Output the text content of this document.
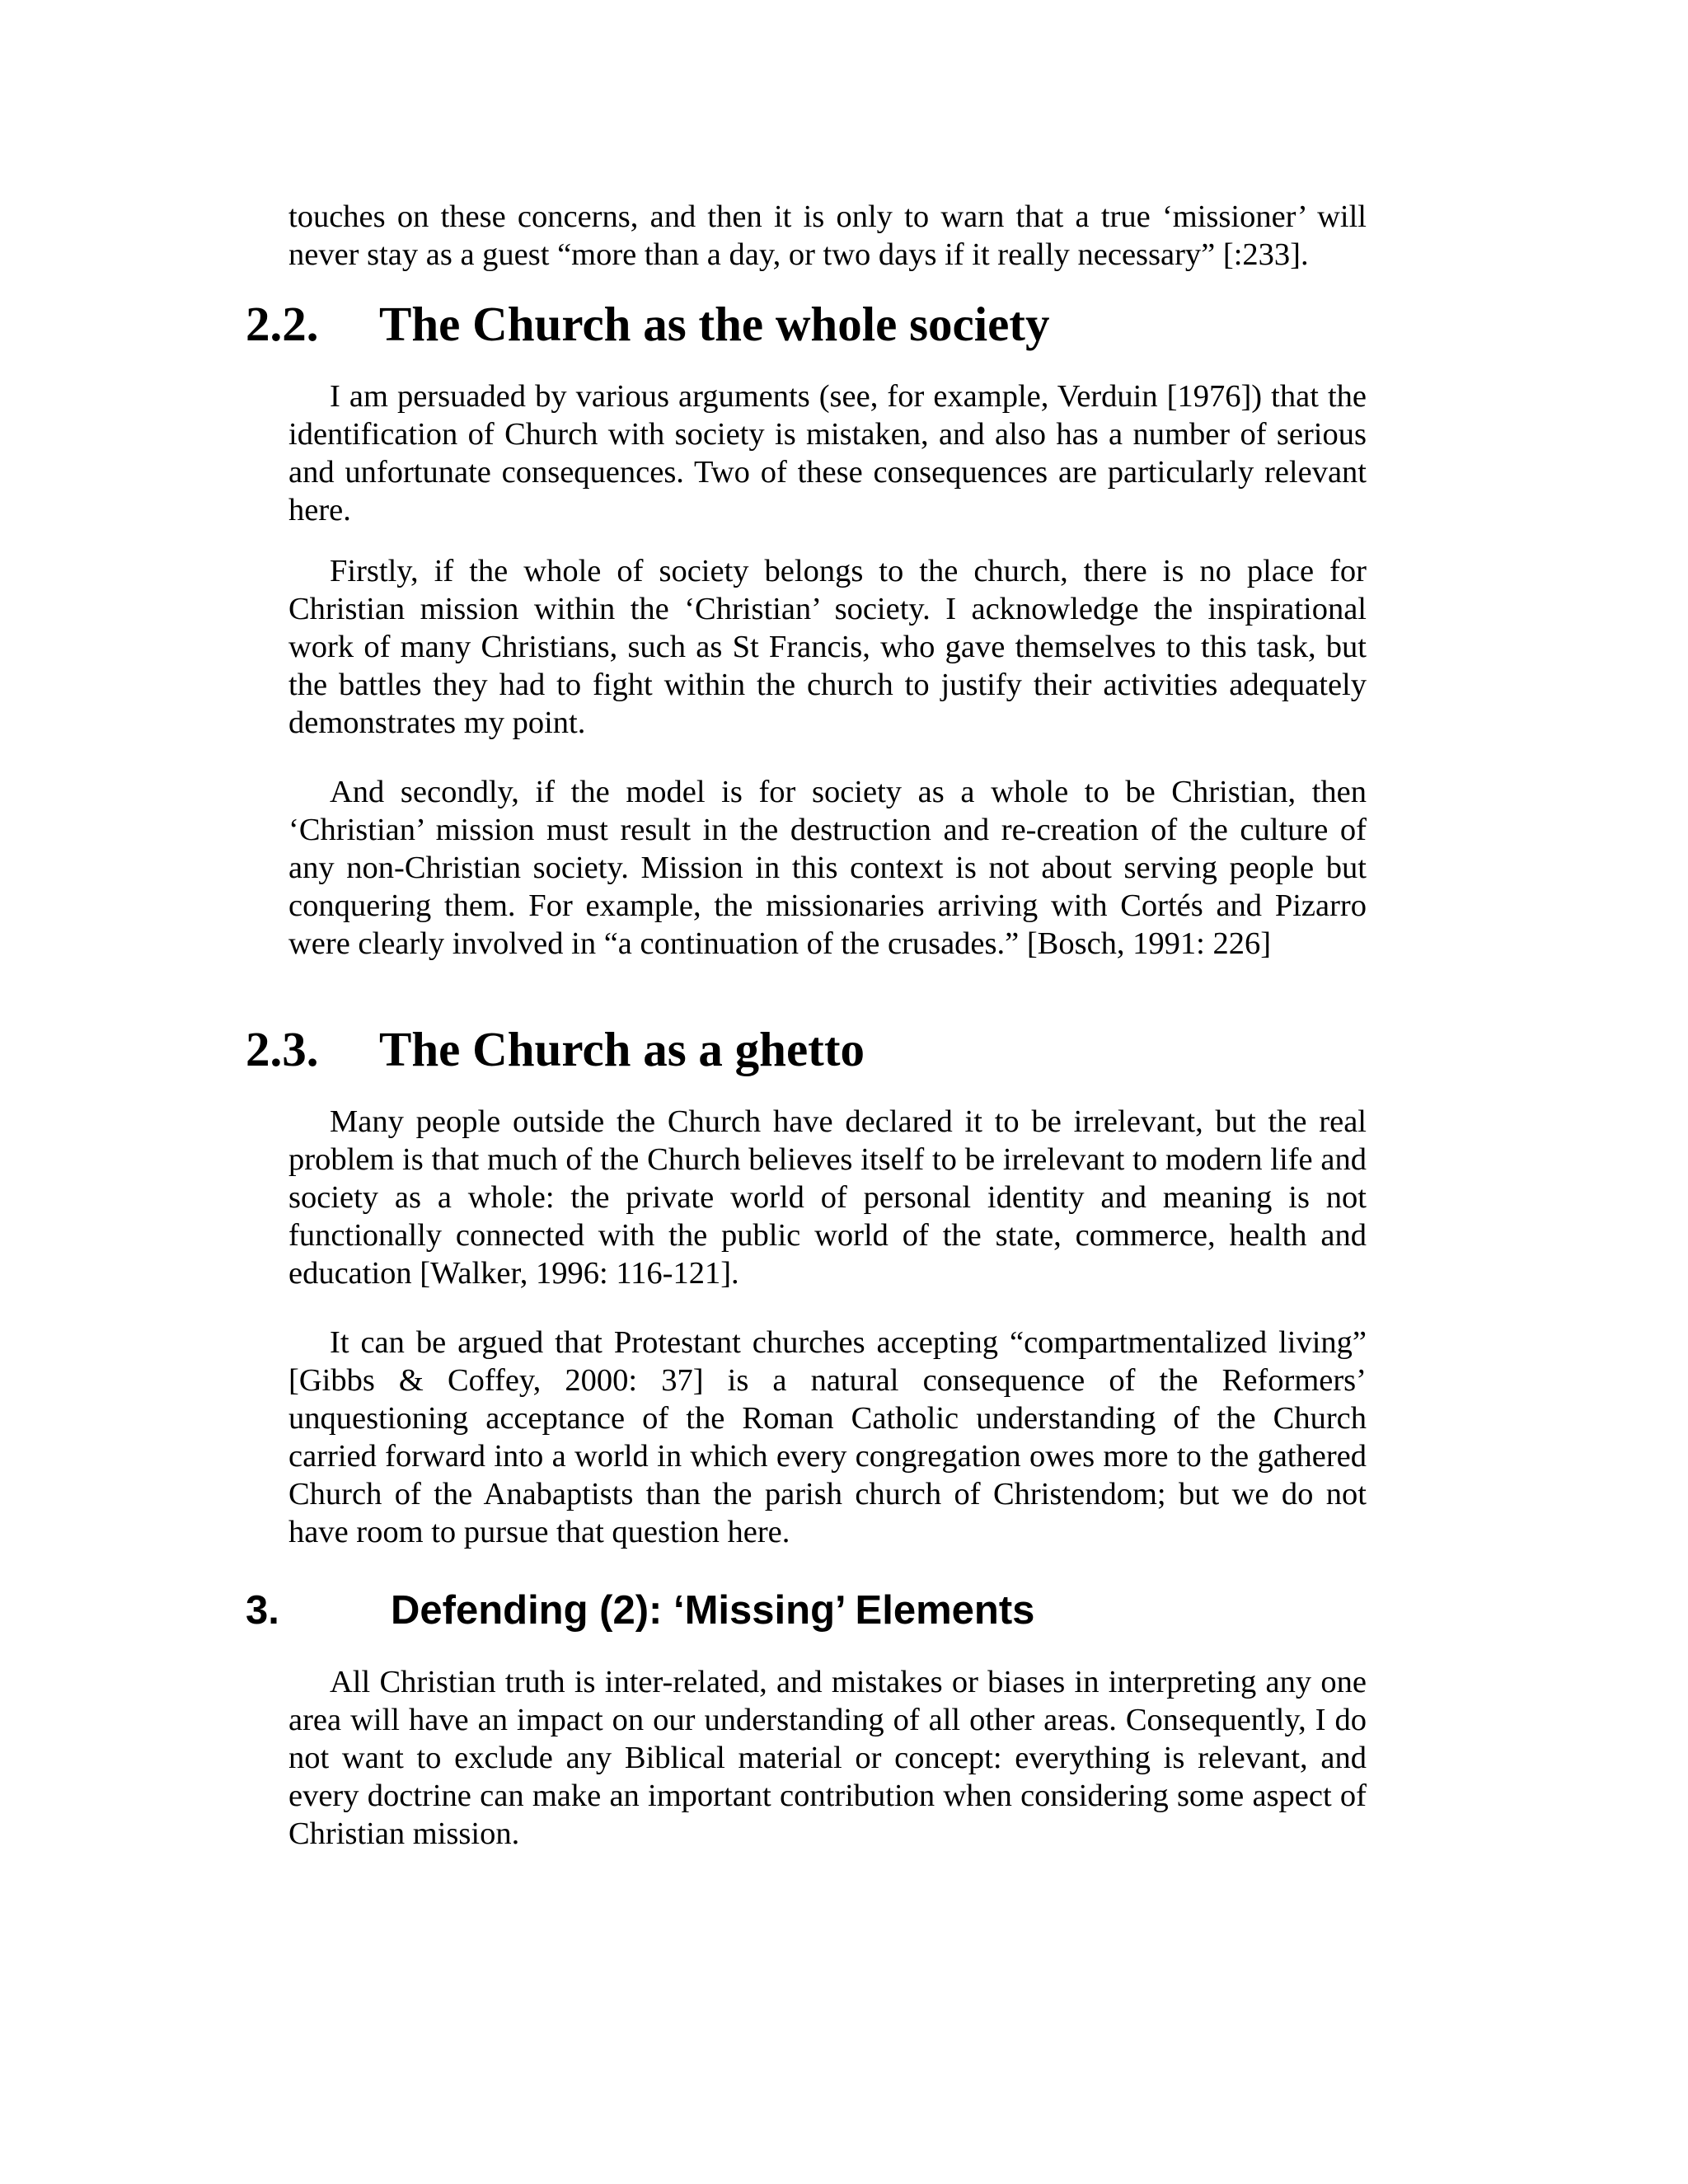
touches on these concerns, and then it is only to warn that a true ‘missioner’ will never stay as a guest “more than a day, or two days if it really necessary” [:233].

2.2. The Church as the whole society

I am persuaded by various arguments (see, for example, Verduin [1976]) that the identification of Church with society is mistaken, and also has a number of serious and unfortunate consequences. Two of these consequences are particularly relevant here.

Firstly, if the whole of society belongs to the church, there is no place for Christian mission within the ‘Christian’ society. I acknowledge the inspirational work of many Christians, such as St Francis, who gave themselves to this task, but the battles they had to fight within the church to justify their activities adequately demonstrates my point.

And secondly, if the model is for society as a whole to be Christian, then ‘Christian’ mission must result in the destruction and re-creation of the culture of any non-Christian society. Mission in this context is not about serving people but conquering them. For example, the missionaries arriving with Cortés and Pizarro were clearly involved in “a continuation of the crusades.” [Bosch, 1991: 226]

2.3. The Church as a ghetto

Many people outside the Church have declared it to be irrelevant, but the real problem is that much of the Church believes itself to be irrelevant to modern life and society as a whole: the private world of personal identity and meaning is not functionally connected with the public world of the state, commerce, health and education [Walker, 1996: 116-121].

It can be argued that Protestant churches accepting “compartmentalized living” [Gibbs & Coffey, 2000: 37] is a natural consequence of the Reformers’ unquestioning acceptance of the Roman Catholic understanding of the Church carried forward into a world in which every congregation owes more to the gathered Church of the Anabaptists than the parish church of Christendom; but we do not have room to pursue that question here.

3.	Defending (2): ‘Missing’ Elements

All Christian truth is inter-related, and mistakes or biases in interpreting any one area will have an impact on our understanding of all other areas. Consequently, I do not want to exclude any Biblical material or concept: everything is relevant, and every doctrine can make an important contribution when considering some aspect of Christian mission.
